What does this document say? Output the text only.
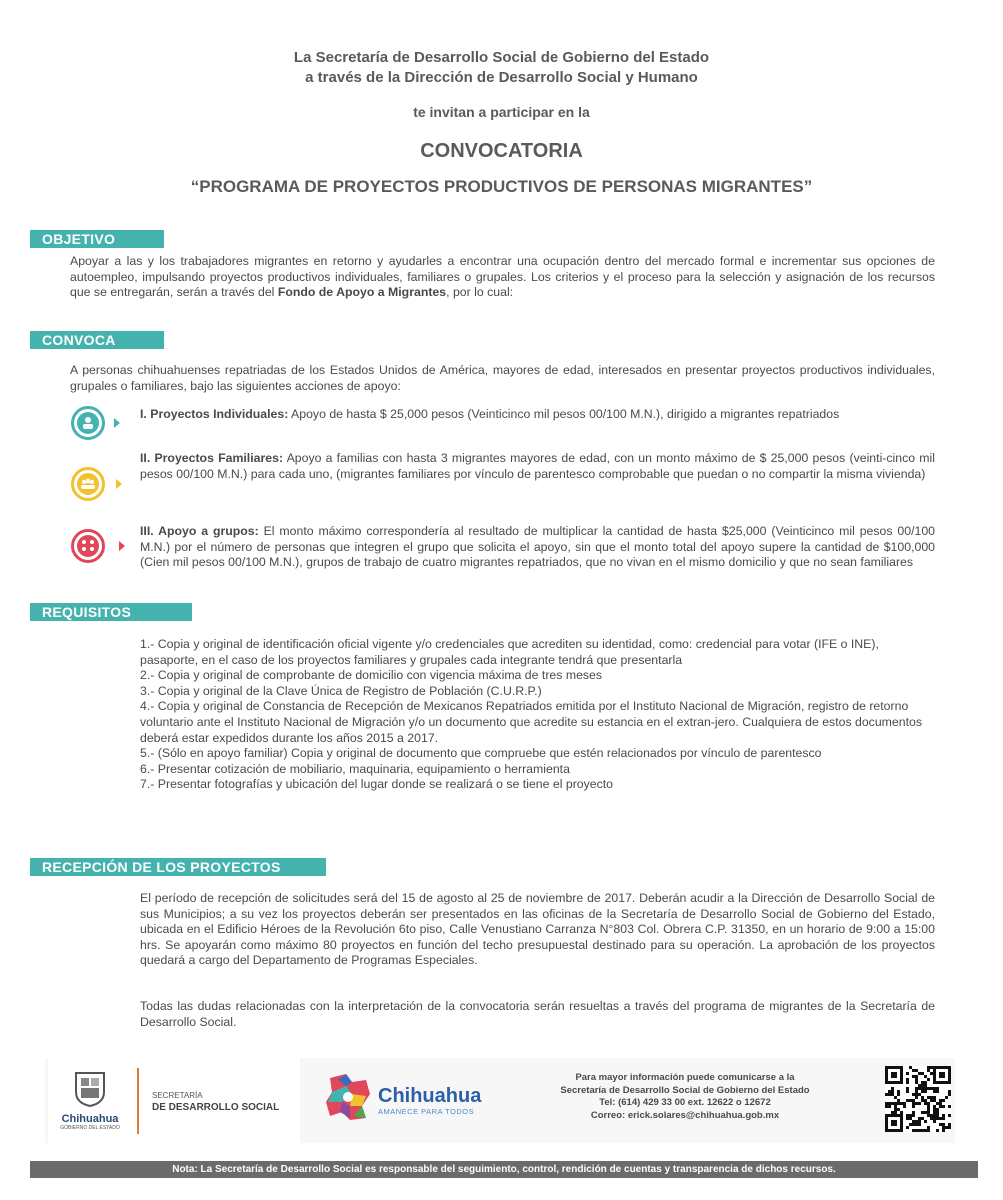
La Secretaría de Desarrollo Social de Gobierno del Estado
a través de la Dirección de Desarrollo Social y Humano
te invitan a participar en la
CONVOCATORIA
“PROGRAMA DE PROYECTOS PRODUCTIVOS DE PERSONAS MIGRANTES”
OBJETIVO
Apoyar a las y los trabajadores migrantes en retorno y ayudarles a encontrar una ocupación dentro del mercado formal e incrementar sus opciones de autoempleo, impulsando proyectos productivos individuales, familiares o grupales. Los criterios y el proceso para la selección y asignación de los recursos que se entregarán, serán a través del Fondo de Apoyo a Migrantes, por lo cual:
CONVOCA
A personas chihuahuenses repatriadas de los Estados Unidos de América, mayores de edad, interesados en presentar proyectos productivos individuales, grupales o familiares, bajo las siguientes acciones de apoyo:
I. Proyectos Individuales: Apoyo de hasta $ 25,000 pesos (Veinticinco mil pesos 00/100 M.N.), dirigido a migrantes repatriados
II. Proyectos Familiares: Apoyo a familias con hasta 3 migrantes mayores de edad, con un monto máximo de $ 25,000 pesos (veinti-cinco mil pesos 00/100 M.N.) para cada uno, (migrantes familiares por vínculo de parentesco comprobable que puedan o no compartir la misma vivienda)
III. Apoyo a grupos: El monto máximo correspondería al resultado de multiplicar la cantidad de hasta $25,000 (Veinticinco mil pesos 00/100 M.N.) por el número de personas que integren el grupo que solicita el apoyo, sin que el monto total del apoyo supere la cantidad de $100,000 (Cien mil pesos 00/100 M.N.), grupos de trabajo de cuatro migrantes repatriados, que no vivan en el mismo domicilio y que no sean familiares
REQUISITOS
1.- Copia y original de identificación oficial vigente y/o credenciales que acrediten su identidad, como: credencial para votar (IFE o INE), pasaporte, en el caso de los proyectos familiares y grupales cada integrante tendrá que presentarla
2.- Copia y original de comprobante de domicilio con vigencia máxima de tres meses
3.- Copia y original de la Clave Única de Registro de Población (C.U.R.P.)
4.- Copia y original de Constancia de Recepción de Mexicanos Repatriados emitida por el Instituto Nacional de Migración, registro de retorno voluntario ante el Instituto Nacional de Migración y/o un documento que acredite su estancia en el extran-jero. Cualquiera de estos documentos deberá estar expedidos durante los años 2015 a 2017.
5.- (Sólo en apoyo familiar) Copia y original de documento que compruebe que estén relacionados por vínculo de parentesco
6.- Presentar cotización de mobiliario, maquinaria, equipamiento o herramienta
7.- Presentar fotografías y ubicación del lugar donde se realizará o se tiene el proyecto
RECEPCIÓN DE LOS PROYECTOS
El período de recepción de solicitudes será del 15 de agosto al 25 de noviembre de 2017. Deberán acudir a la Dirección de Desarrollo Social de sus Municipios; a su vez los proyectos deberán ser presentados en las oficinas de la Secretaría de Desarrollo Social de Gobierno del Estado, ubicada en el Edificio Héroes de la Revolución 6to piso, Calle Venustiano Carranza N°803 Col. Obrera C.P. 31350, en un horario de 9:00 a 15:00 hrs. Se apoyarán como máximo 80 proyectos en función del techo presupuestal destinado para su operación. La aprobación de los proyectos quedará a cargo del Departamento de Programas Especiales.
Todas las dudas relacionadas con la interpretación de la convocatoria serán resueltas a través del programa de migrantes de la Secretaría de Desarrollo Social.
Chihuahua
GOBIERNO DEL ESTADO
SECRETARÍA
DE DESARROLLO SOCIAL
Chihuahua
AMANECE PARA TODOS
Para mayor información puede comunicarse a la
Secretaría de Desarrollo Social de Gobierno del Estado
Tel: (614) 429 33 00 ext. 12622 o 12672
Correo: erick.solares@chihuahua.gob.mx
Nota: La Secretaría de Desarrollo Social es responsable del seguimiento, control, rendición de cuentas y transparencia de dichos recursos.
